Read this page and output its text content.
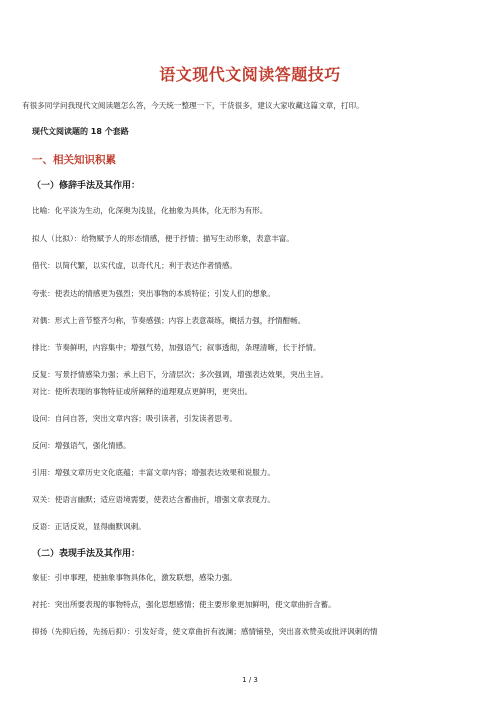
语文现代文阅读答题技巧
有很多同学问我现代文阅读题怎么答，今天统一整理一下，干货很多，建议大家收藏这篇文章，打印。
现代文阅读题的 18 个套路
一、相关知识积累
（一）修辞手法及其作用：
比喻：化平淡为生动，化深奥为浅显，化抽象为具体，化无形为有形。
拟人（比拟）：给物赋予人的形态情感，便于抒情；描写生动形象，表意丰富。
借代：以简代繁，以实代虚，以奇代凡；利于表达作者情感。
夸张：使表达的情感更为强烈；突出事物的本质特征；引发人们的想象。
对偶：形式上音节整齐匀称，节奏感强；内容上表意凝练，概括力强，抒情酣畅。
排比：节奏鲜明，内容集中；增强气势，加强语气；叙事透彻，条理清晰，长于抒情。
反复：写景抒情感染力强；承上启下，分清层次；多次强调，增强表达效果，突出主旨。
对比：使所表现的事物特征或所阐释的道理观点更鲜明，更突出。
设问：自问自答，突出文章内容；吸引读者，引发读者思考。
反问：增强语气，强化情感。
引用：增强文章历史文化底蕴；丰富文章内容；增强表达效果和说服力。
双关：使语言幽默；适应语境需要，使表达含蓄曲折，增强文章表现力。
反语：正话反说，显得幽默讽刺。
（二）表现手法及其作用：
象征：引申事理，使抽象事物具体化，激发联想，感染力强。
衬托：突出所要表现的事物特点，强化思想感情；使主要形象更加鲜明，使文章曲折含蓄。
抑扬（先抑后扬，先扬后抑）：引发好奇，使文章曲折有波澜；感情铺垫，突出喜欢赞美或批评讽刺的情
1 / 3
